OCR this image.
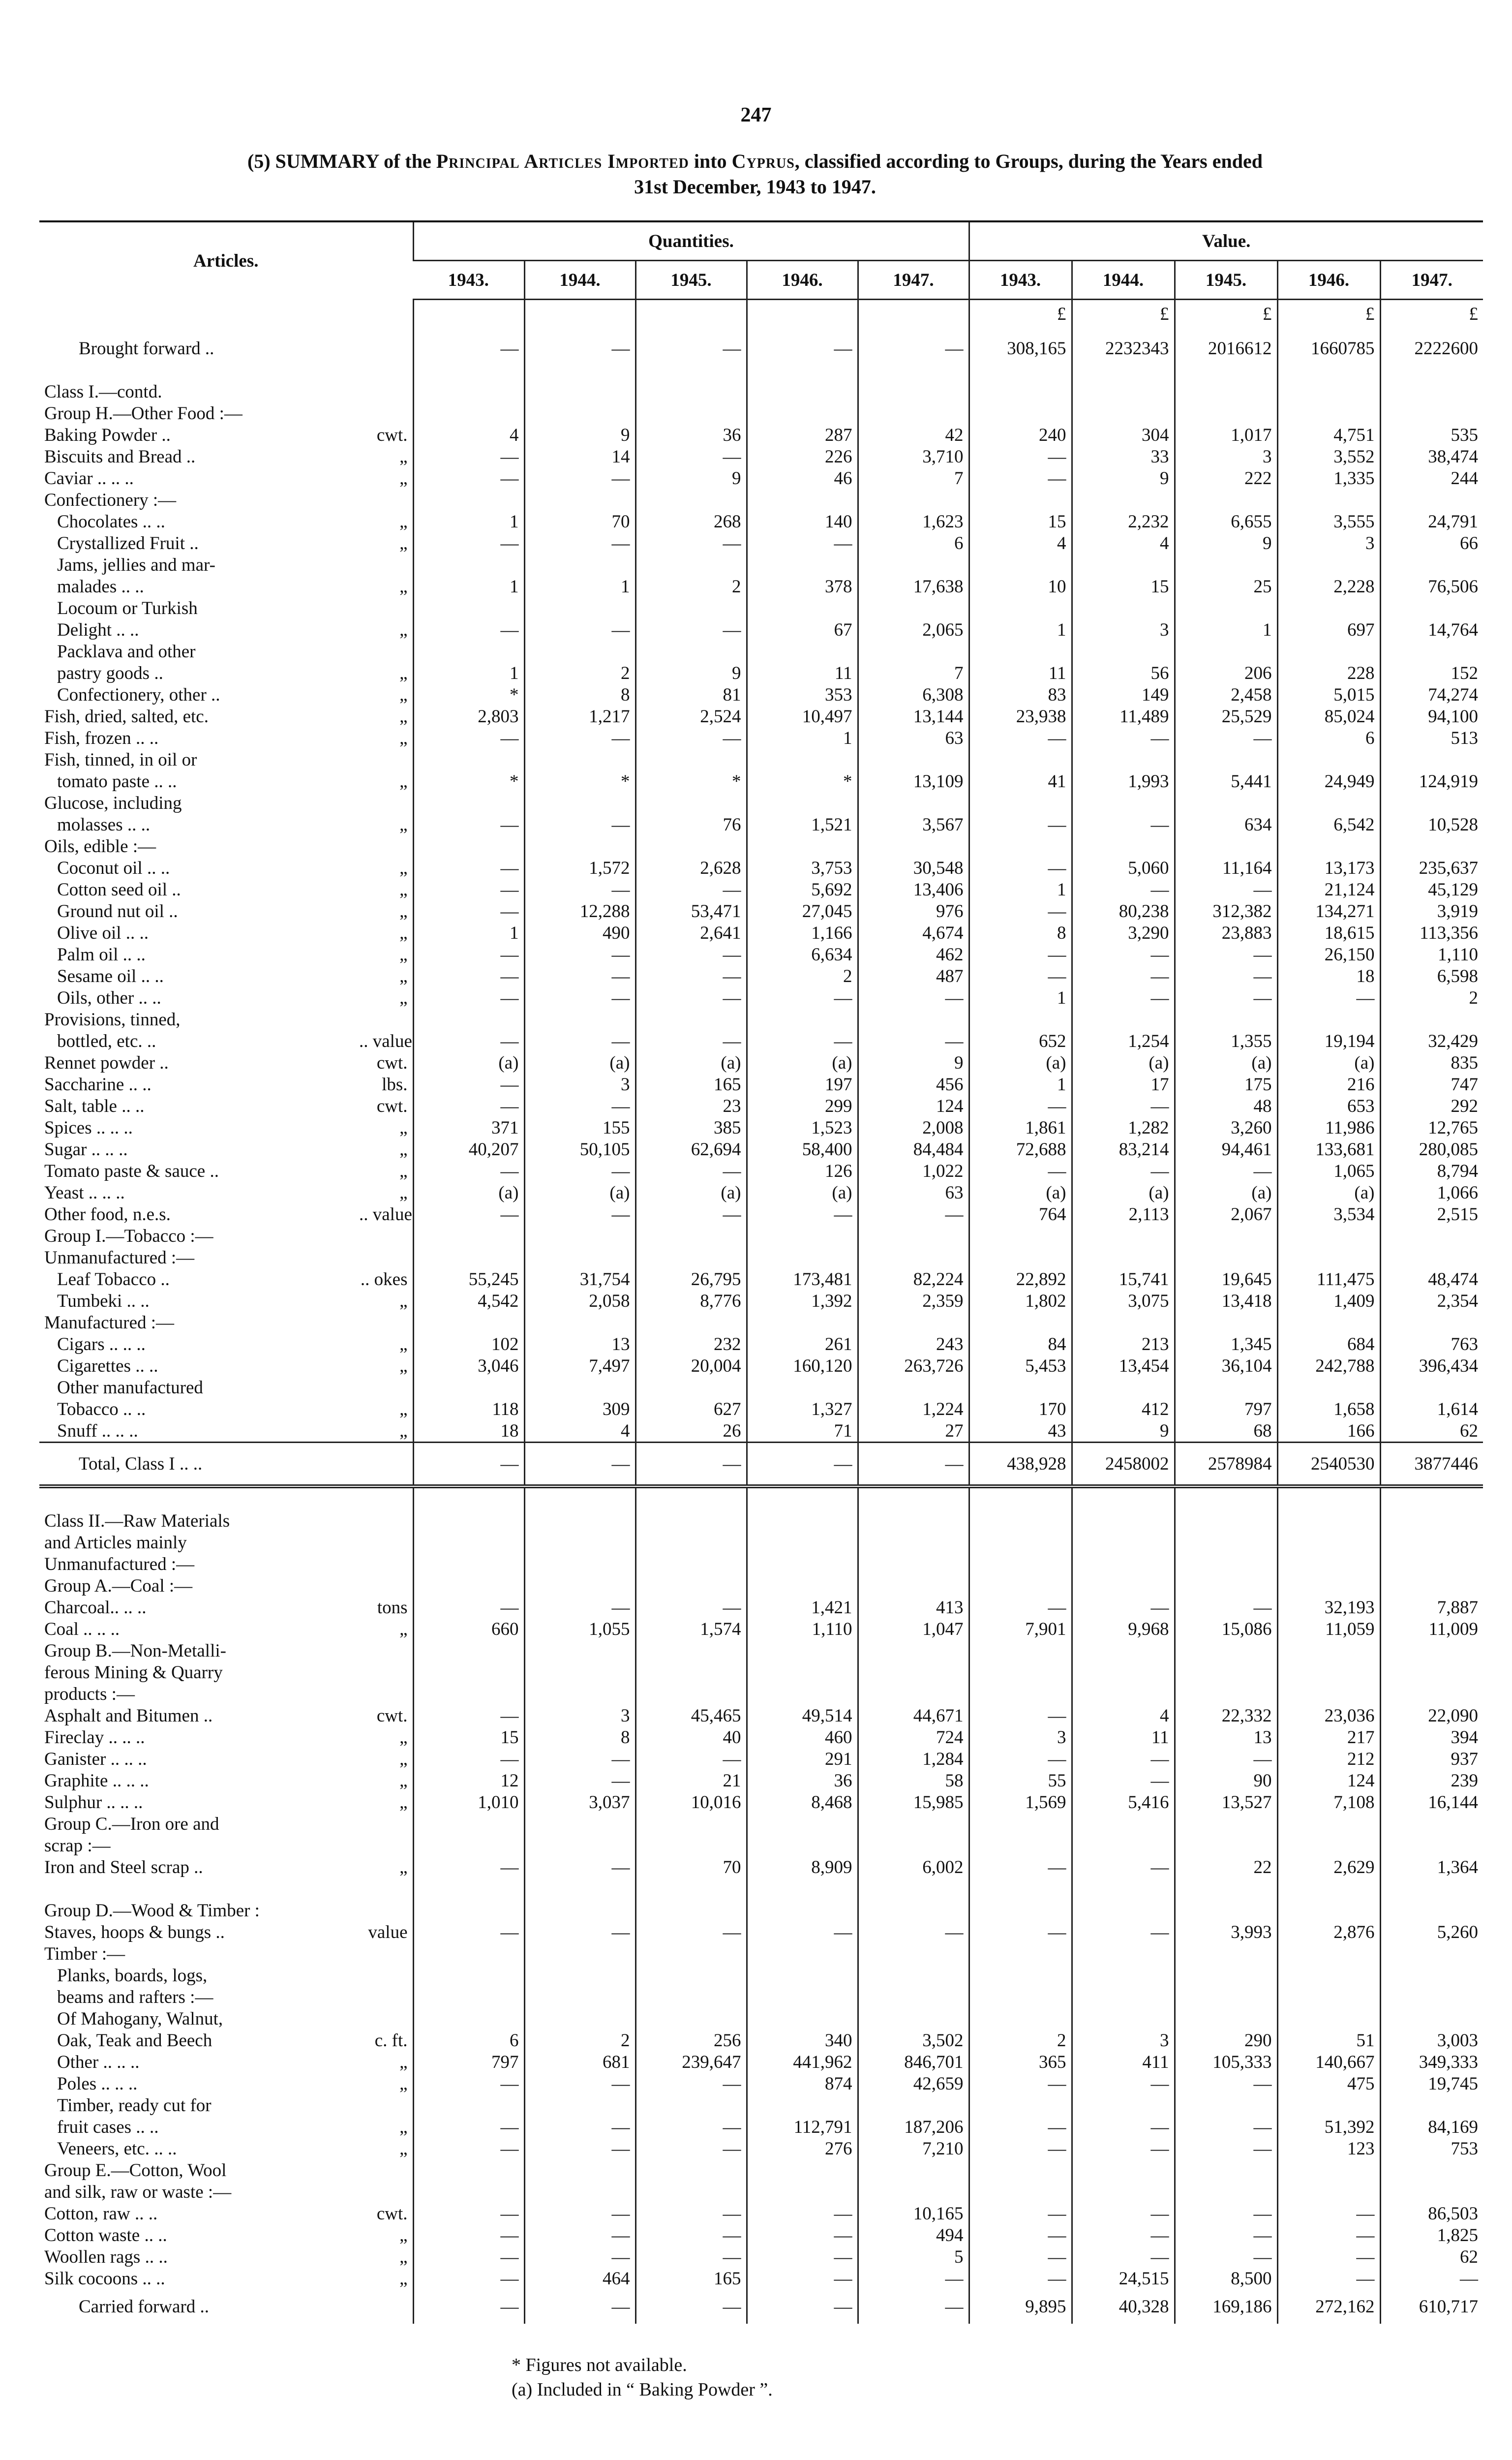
247
(5) SUMMARY of the Principal Articles Imported into Cyprus, classified according to Groups, during the Years ended
31st December, 1943 to 1947.
Articles.		Quantities.					Value.				
		1943.	1944.	1945.	1946.	1947.	1943.	1944.	1945.	1946.	1947.
							£	£	£	£	£
Brought forward ..		—	—	—	—	—	308,165	2232343	2016612	1660785	2222600

Class I.—contd.											
Group H.—Other Food :—											
Baking Powder ..	cwt.	4	9	36	287	42	240	304	1,017	4,751	535
Biscuits and Bread ..	„	—	14	—	226	3,710	—	33	3	3,552	38,474
Caviar .. .. ..	„	—	—	9	46	7	—	9	222	1,335	244
Confectionery :—											
Chocolates .. ..	„	1	70	268	140	1,623	15	2,232	6,655	3,555	24,791
Crystallized Fruit ..	„	—	—	—	—	6	4	4	9	3	66
Jams, jellies and mar-											
malades .. ..	„	1	1	2	378	17,638	10	15	25	2,228	76,506
Locoum or Turkish											
Delight .. ..	„	—	—	—	67	2,065	1	3	1	697	14,764
Packlava and other											
pastry goods ..	„	1	2	9	11	7	11	56	206	228	152
Confectionery, other ..	„	*	8	81	353	6,308	83	149	2,458	5,015	74,274
Fish, dried, salted, etc.	„	2,803	1,217	2,524	10,497	13,144	23,938	11,489	25,529	85,024	94,100
Fish, frozen .. ..	„	—	—	—	1	63	—	—	—	6	513
Fish, tinned, in oil or											
tomato paste .. ..	„	*	*	*	*	13,109	41	1,993	5,441	24,949	124,919
Glucose, including											
molasses .. ..	„	—	—	76	1,521	3,567	—	—	634	6,542	10,528
Oils, edible :—											
Coconut oil .. ..	„	—	1,572	2,628	3,753	30,548	—	5,060	11,164	13,173	235,637
Cotton seed oil ..	„	—	—	—	5,692	13,406	1	—	—	21,124	45,129
Ground nut oil ..	„	—	12,288	53,471	27,045	976	—	80,238	312,382	134,271	3,919
Olive oil .. ..	„	1	490	2,641	1,166	4,674	8	3,290	23,883	18,615	113,356
Palm oil .. ..	„	—	—	—	6,634	462	—	—	—	26,150	1,110
Sesame oil .. ..	„	—	—	—	2	487	—	—	—	18	6,598
Oils, other .. ..	„	—	—	—	—	—	1	—	—	—	2
Provisions, tinned,											
bottled, etc. ..	.. value	—	—	—	—	—	652	1,254	1,355	19,194	32,429
Rennet powder ..	cwt.	(a)	(a)	(a)	(a)	9	(a)	(a)	(a)	(a)	835
Saccharine .. ..	lbs.	—	3	165	197	456	1	17	175	216	747
Salt, table .. ..	cwt.	—	—	23	299	124	—	—	48	653	292
Spices .. .. ..	„	371	155	385	1,523	2,008	1,861	1,282	3,260	11,986	12,765
Sugar .. .. ..	„	40,207	50,105	62,694	58,400	84,484	72,688	83,214	94,461	133,681	280,085
Tomato paste & sauce ..	„	—	—	—	126	1,022	—	—	—	1,065	8,794
Yeast .. .. ..	„	(a)	(a)	(a)	(a)	63	(a)	(a)	(a)	(a)	1,066
Other food, n.e.s.	.. value	—	—	—	—	—	764	2,113	2,067	3,534	2,515
Group I.—Tobacco :—											
Unmanufactured :—											
Leaf Tobacco ..	.. okes	55,245	31,754	26,795	173,481	82,224	22,892	15,741	19,645	111,475	48,474
Tumbeki .. ..	„	4,542	2,058	8,776	1,392	2,359	1,802	3,075	13,418	1,409	2,354
Manufactured :—											
Cigars .. .. ..	„	102	13	232	261	243	84	213	1,345	684	763
Cigarettes .. ..	„	3,046	7,497	20,004	160,120	263,726	5,453	13,454	36,104	242,788	396,434
Other manufactured											
Tobacco .. ..	„	118	309	627	1,327	1,224	170	412	797	1,658	1,614
Snuff .. .. ..	„	18	4	26	71	27	43	9	68	166	62
Total, Class I .. ..		—	—	—	—	—	438,928	2458002	2578984	2540530	3877446

Class II.—Raw Materials											
and Articles mainly											
Unmanufactured :—											
Group A.—Coal :—											
Charcoal.. .. ..	tons	—	—	—	1,421	413	—	—	—	32,193	7,887
Coal .. .. ..	„	660	1,055	1,574	1,110	1,047	7,901	9,968	15,086	11,059	11,009
Group B.—Non-Metalli-											
ferous Mining & Quarry											
products :—											
Asphalt and Bitumen ..	cwt.	—	3	45,465	49,514	44,671	—	4	22,332	23,036	22,090
Fireclay .. .. ..	„	15	8	40	460	724	3	11	13	217	394
Ganister .. .. ..	„	—	—	—	291	1,284	—	—	—	212	937
Graphite .. .. ..	„	12	—	21	36	58	55	—	90	124	239
Sulphur .. .. ..	„	1,010	3,037	10,016	8,468	15,985	1,569	5,416	13,527	7,108	16,144
Group C.—Iron ore and											
scrap :—											
Iron and Steel scrap ..	„	—	—	70	8,909	6,002	—	—	22	2,629	1,364

Group D.—Wood & Timber :											
Staves, hoops & bungs ..	value	—	—	—	—	—	—	—	3,993	2,876	5,260
Timber :—											
Planks, boards, logs,											
beams and rafters :—											
Of Mahogany, Walnut,											
Oak, Teak and Beech	c. ft.	6	2	256	340	3,502	2	3	290	51	3,003
Other .. .. ..	„	797	681	239,647	441,962	846,701	365	411	105,333	140,667	349,333
Poles .. .. ..	„	—	—	—	874	42,659	—	—	—	475	19,745
Timber, ready cut for											
fruit cases .. ..	„	—	—	—	112,791	187,206	—	—	—	51,392	84,169
Veneers, etc. .. ..	„	—	—	—	276	7,210	—	—	—	123	753
Group E.—Cotton, Wool											
and silk, raw or waste :—											
Cotton, raw .. ..	cwt.	—	—	—	—	10,165	—	—	—	—	86,503
Cotton waste .. ..	„	—	—	—	—	494	—	—	—	—	1,825
Woollen rags .. ..	„	—	—	—	—	5	—	—	—	—	62
Silk cocoons .. ..	„	—	464	165	—	—	—	24,515	8,500	—	—
Carried forward ..		—	—	—	—	—	9,895	40,328	169,186	272,162	610,717
* Figures not available.
(a) Included in “ Baking Powder ”.
